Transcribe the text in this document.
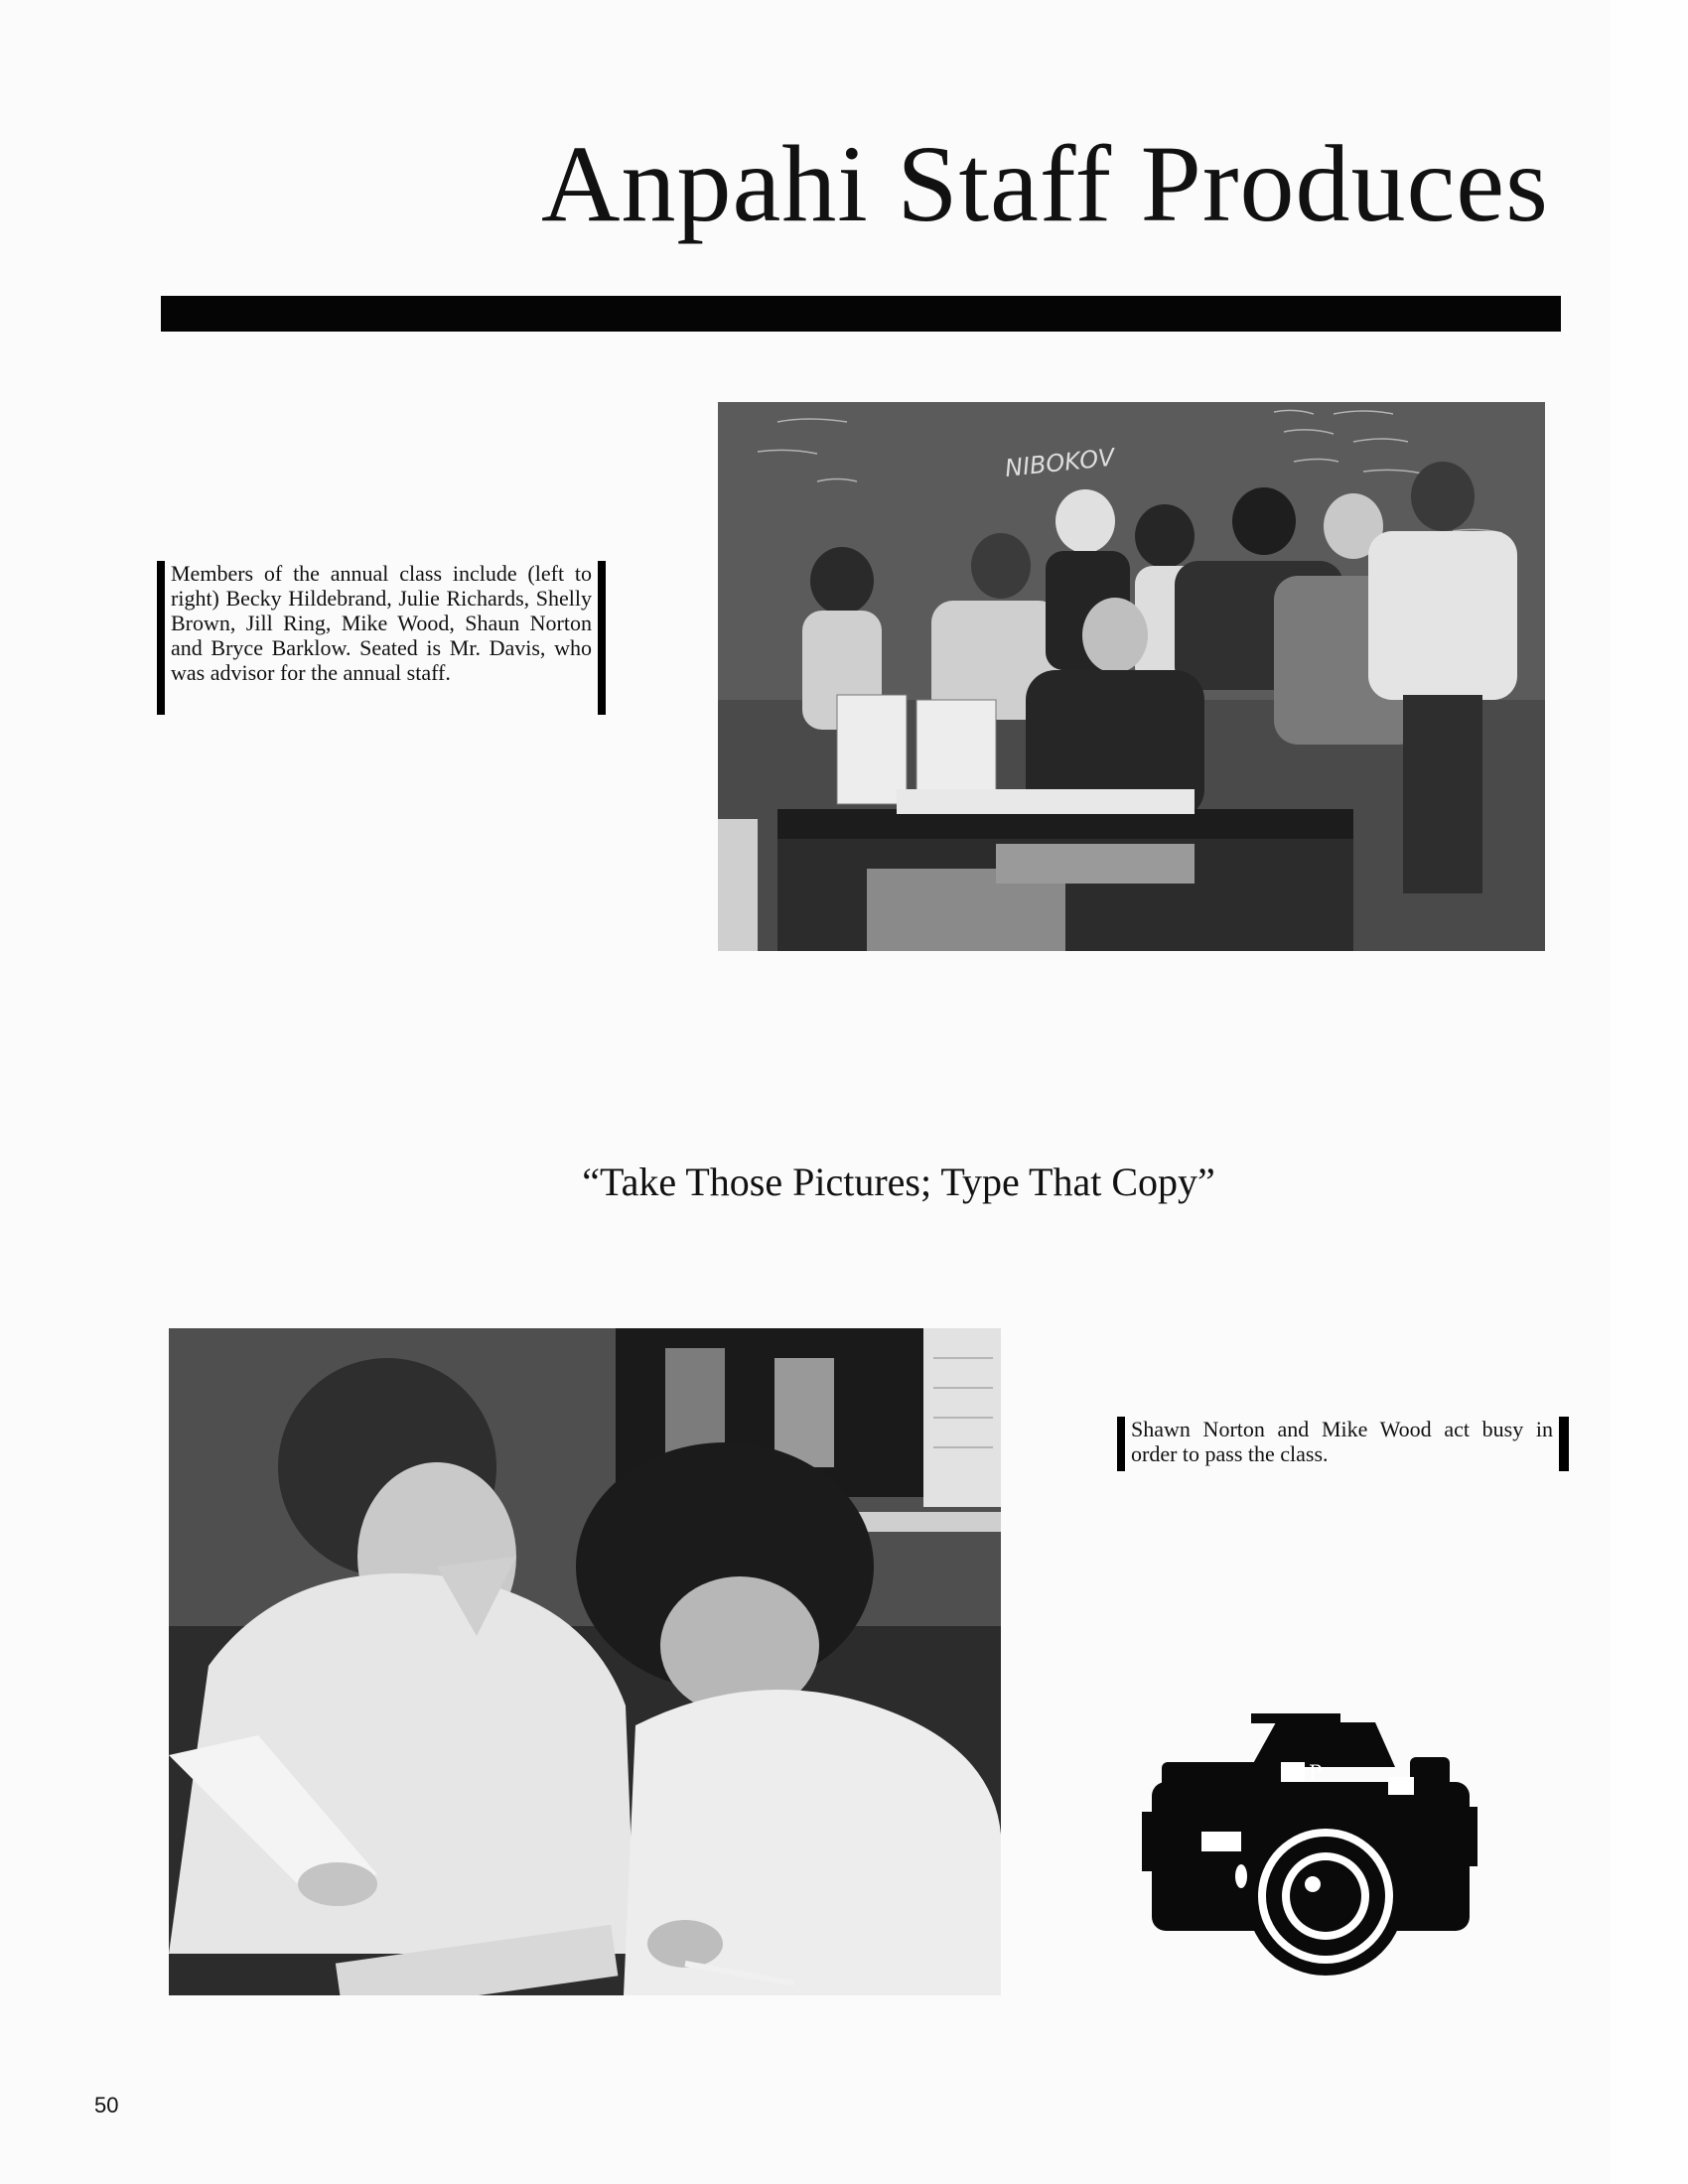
Anpahi Staff Produces
Members of the annual class include (left to right) Becky Hildebrand, Julie Richards, Shelly Brown, Jill Ring, Mike Wood, Shaun Norton and Bryce Barklow. Seated is Mr. Davis, who was advisor for the annual staff.
NIBOKOV
“Take Those Pictures; Type That Copy”
Shawn Norton and Mike Wood act busy in order to pass the class.
P
50
